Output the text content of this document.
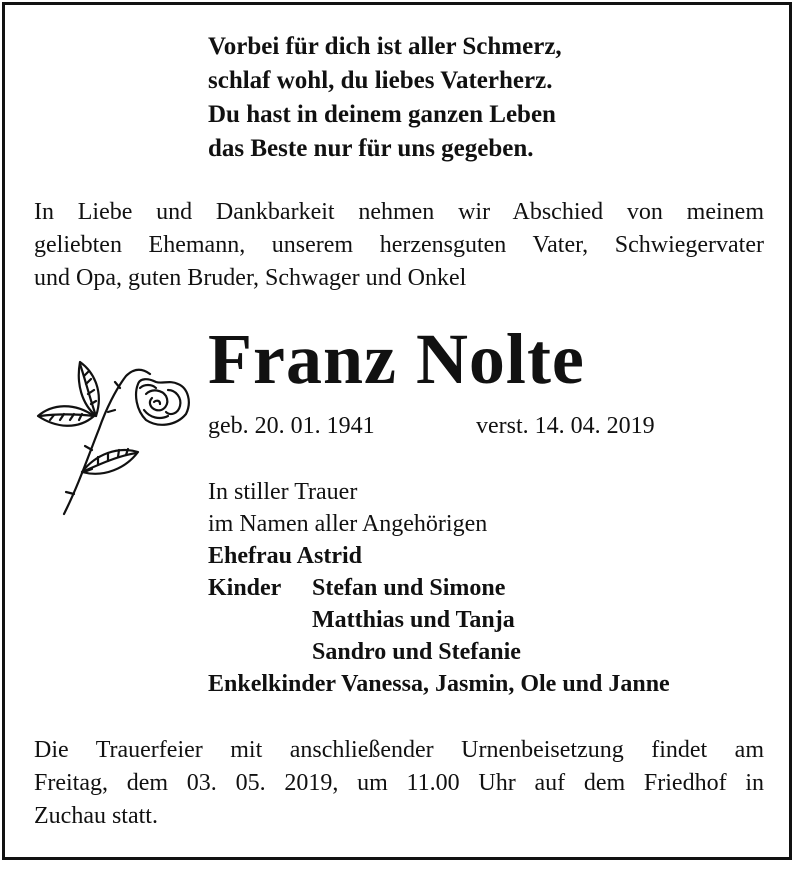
Vorbei für dich ist aller Schmerz,
schlaf wohl, du liebes Vaterherz.
Du hast in deinem ganzen Leben
das Beste nur für uns gegeben.
In Liebe und Dankbarkeit nehmen wir Abschied von meinem
geliebten Ehemann, unserem herzensguten Vater, Schwiegervater
und Opa, guten Bruder, Schwager und Onkel
Franz Nolte
geb. 20. 01. 1941	verst. 14. 04. 2019
In stiller Trauer
im Namen aller Angehörigen
Ehefrau Astrid
Kinder Stefan und Simone
Matthias und Tanja
Sandro und Stefanie
Enkelkinder Vanessa, Jasmin, Ole und Janne
Die Trauerfeier mit anschließender Urnenbeisetzung findet am
Freitag, dem 03. 05. 2019, um 11.00 Uhr auf dem Friedhof in
Zuchau statt.
